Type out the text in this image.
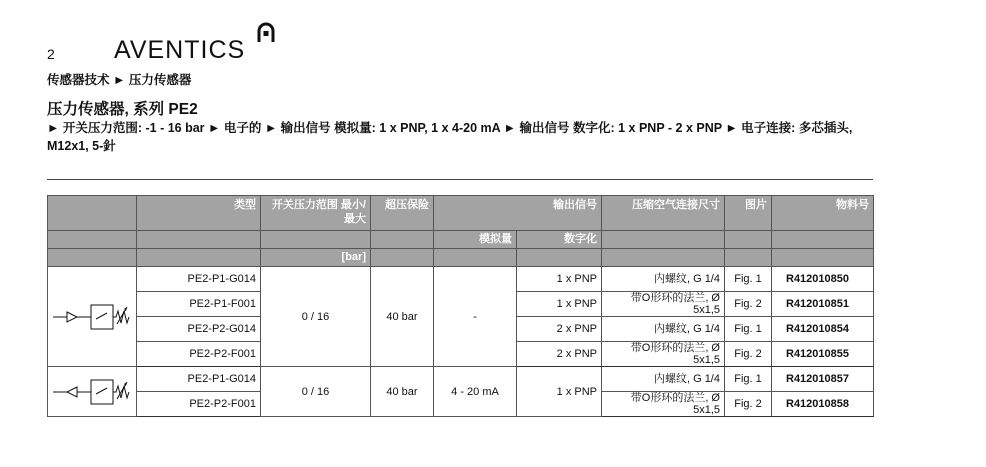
2 AVENTICS
传感器技术 ► 压力传感器
压力传感器, 系列 PE2
► 开关压力范围: -1 - 16 bar ► 电子的 ► 输出信号 模拟量: 1 x PNP, 1 x 4-20 mA ► 输出信号 数字化: 1 x PNP - 2 x PNP ► 电子连接: 多芯插头, M12x1, 5-針
	类型	开关压力范围 最小/最大	超压保险	输出信号		压缩空气连接尺寸	图片	物料号
				模拟量	数字化			
		[bar]						
	PE2-P1-G014	0 / 16	40 bar	-	1 x PNP	内螺纹, G 1/4	Fig. 1	R412010850
	PE2-P1-F001				1 x PNP	带O形环的法兰, Ø 5x1,5	Fig. 2	R412010851
	PE2-P2-G014				2 x PNP	内螺纹, G 1/4	Fig. 1	R412010854
	PE2-P2-F001				2 x PNP	带O形环的法兰, Ø 5x1,5	Fig. 2	R412010855
	PE2-P1-G014	0 / 16	40 bar	4 - 20 mA	1 x PNP	内螺纹, G 1/4	Fig. 1	R412010857
	PE2-P2-F001					带O形环的法兰, Ø 5x1,5	Fig. 2	R412010858
